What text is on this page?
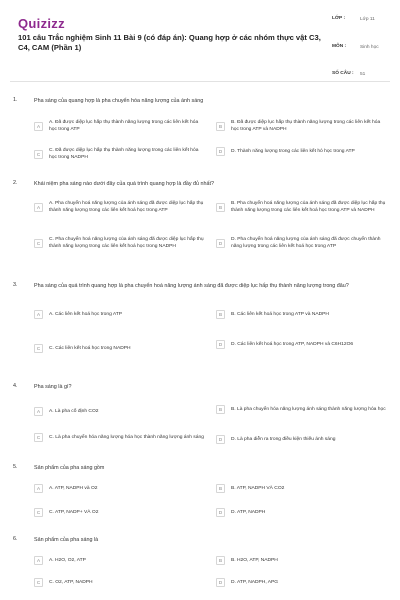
Quizizz
101 câu Trắc nghiệm Sinh 11 Bài 9 (có đáp án): Quang hợp ở các nhóm thực vật C3, C4, CAM (Phần 1)
LỚP :	Lớp 11
MÔN :	Sinh học
SỐ CÂU :	51
1.	Pha sáng của quang hợp là pha chuyển hóa năng lượng của ánh sáng
A
A. Đã được diệp lục hấp thụ thành năng lượng trong các liên kết hóa học trong ATP
B
B. Đã được diệp lục hấp thụ thành năng lượng trong các liên kết hóa học trong ATP và NADPH
C
C. Đã được diệp lục hấp thụ thành năng lượng trong các liên kết hóa học trong NADPH
D	D. Thành năng lượng trong các liên kết hó học trong ATP
2.	Khái niệm pha sáng nào dưới đây của quá trình quang hợp là đầy đủ nhất?
A
A. Pha chuyển hoá năng lượng của ánh sáng đã được diệp lục hấp thụ thành năng lượng trong các liên kết hoá học trong ATP
B
B. Pha chuyển hoá năng lượng của ánh sáng đã được diệp lục hấp thụ thành năng lượng trong các liên kết hoá học trong ATP và NADPH
C
C. Pha chuyển hoá năng lượng của ánh sáng đã được diệp lục hấp thụ thành năng lượng trong các liên kết hoá học trong NADPH
D
D. Pha chuyển hoá năng lượng của ánh sáng đã được chuyển thành năng lượng trong các liên kết hoá học trong ATP
3.	Pha sáng của quá trình quang hợp là pha chuyển hoá năng lượng ánh sáng đã được diệp lục hấp thụ thành năng lượng trong đâu?
A	A. Các liên kết hoá học trong ATP	B	B. Các liên kết hoá học trong ATP và NADPH
C	C. Các liên kết hoá học trong NADPH
D	D. Các liên kết hoá học trong ATP, NADPH và C6H12O6
4.	Pha sáng là gì?
A	A. Là pha cố định CO2	B	B. Là pha chuyển hóa năng lượng ánh sáng thành năng lượng hóa học
C	C. Là pha chuyển hóa năng lượng hóa học thành năng lượng ánh sáng	D	D. Là pha diễn ra trong điều kiện thiếu ánh sáng
5.	Sản phẩm của pha sáng gồm
A	A. ATP, NADPH và O2	B	B. ATP, NADPH VÀ CO2
C	C. ATP, NADP+ VÀ O2	D	D. ATP, NADPH
6.	Sản phẩm của pha sáng là
A	A. H2O, O2, ATP	B	B. H2O, ATP, NADPH
C	C. O2, ATP, NADPH	D	D. ATP, NADPH, APG
